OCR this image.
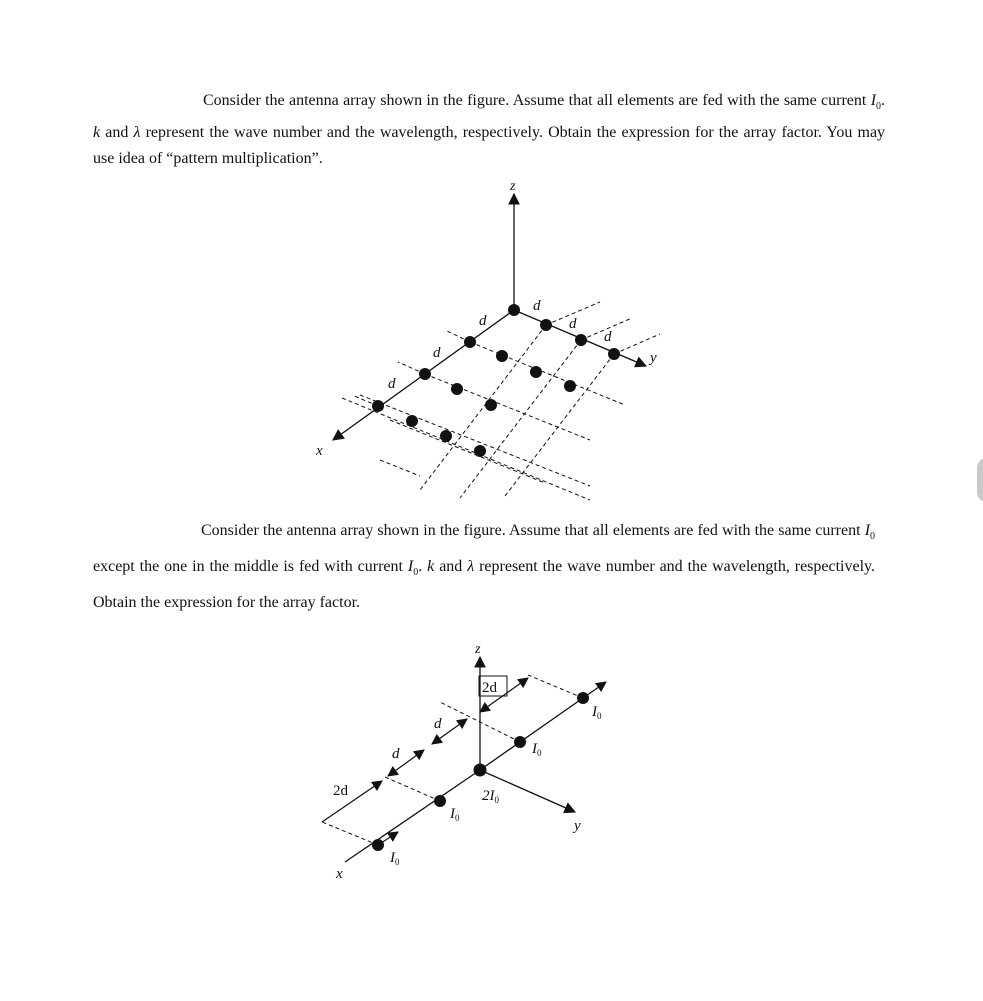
Consider the antenna array shown in the figure. Assume that all elements are fed with the same current $I_0$. k and λ represent the wave number and the wavelength, respectively. Obtain the expression for the array factor. You may use idea of “pattern multiplication”.

z
x
y
d
d
d
d
d
d

Consider the antenna array shown in the figure. Assume that all elements are fed with the same current $I_0$ except the one in the middle is fed with current $I_0$. k and λ represent the wave number and the wavelength, respectively. Obtain the expression for the array factor.

z
x
y
2d
d
d
2d
$I_0$
$I_0$
$2I_0$
$I_0$
$I_0$
